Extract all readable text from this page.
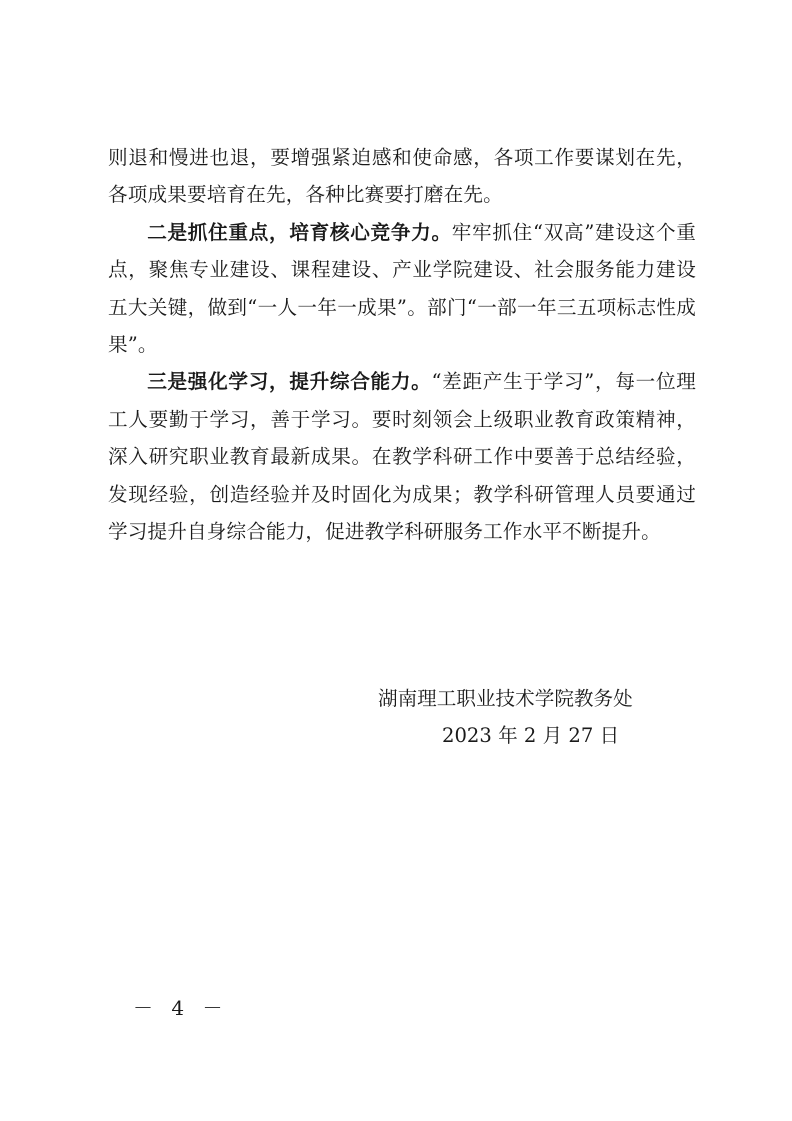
则退和慢进也退，要增强紧迫感和使命感，各项工作要谋划在先，各项成果要培育在先，各种比赛要打磨在先。

二是抓住重点，培育核心竞争力。牢牢抓住“双高”建设这个重点，聚焦专业建设、课程建设、产业学院建设、社会服务能力建设五大关键，做到“一人一年一成果”。部门“一部一年三五项标志性成果”。

三是强化学习，提升综合能力。“差距产生于学习”，每一位理工人要勤于学习，善于学习。要时刻领会上级职业教育政策精神，深入研究职业教育最新成果。在教学科研工作中要善于总结经验，发现经验，创造经验并及时固化为成果；教学科研管理人员要通过学习提升自身综合能力，促进教学科研服务工作水平不断提升。

湖南理工职业技术学院教务处

2023 年 2 月 27 日

－ 4 －
